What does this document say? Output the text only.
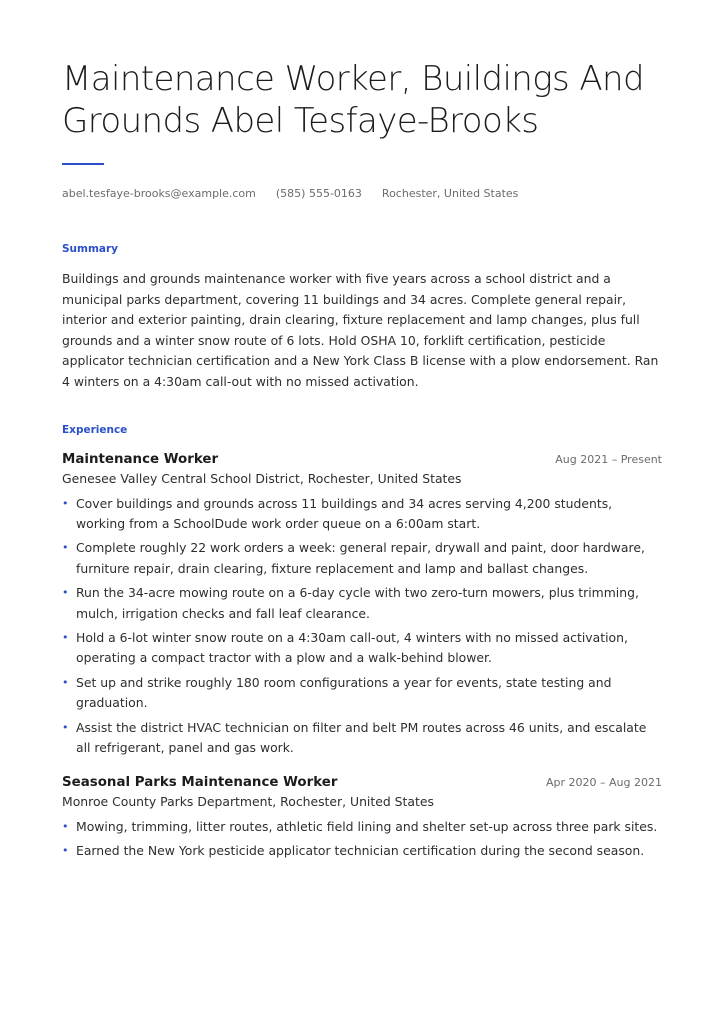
Maintenance Worker, Buildings And Grounds Abel Tesfaye-Brooks
abel.tesfaye-brooks@example.com (585) 555-0163 Rochester, United States
Summary

Buildings and grounds maintenance worker with five years across a school district and a municipal parks department, covering 11 buildings and 34 acres. Complete general repair, interior and exterior painting, drain clearing, fixture replacement and lamp changes, plus full grounds and a winter snow route of 6 lots. Hold OSHA 10, forklift certification, pesticide applicator technician certification and a New York Class B license with a plow endorsement. Ran 4 winters on a 4:30am call-out with no missed activation.

Experience
Maintenance Worker	Aug 2021 – Present
Genesee Valley Central School District, Rochester, United States
• Cover buildings and grounds across 11 buildings and 34 acres serving 4,200 students, working from a SchoolDude work order queue on a 6:00am start.
• Complete roughly 22 work orders a week: general repair, drywall and paint, door hardware, furniture repair, drain clearing, fixture replacement and lamp and ballast changes.
• Run the 34-acre mowing route on a 6-day cycle with two zero-turn mowers, plus trimming, mulch, irrigation checks and fall leaf clearance.
• Hold a 6-lot winter snow route on a 4:30am call-out, 4 winters with no missed activation, operating a compact tractor with a plow and a walk-behind blower.
• Set up and strike roughly 180 room configurations a year for events, state testing and graduation.
• Assist the district HVAC technician on filter and belt PM routes across 46 units, and escalate all refrigerant, panel and gas work.
Seasonal Parks Maintenance Worker	Apr 2020 – Aug 2021
Monroe County Parks Department, Rochester, United States
• Mowing, trimming, litter routes, athletic field lining and shelter set-up across three park sites.
• Earned the New York pesticide applicator technician certification during the second season.
